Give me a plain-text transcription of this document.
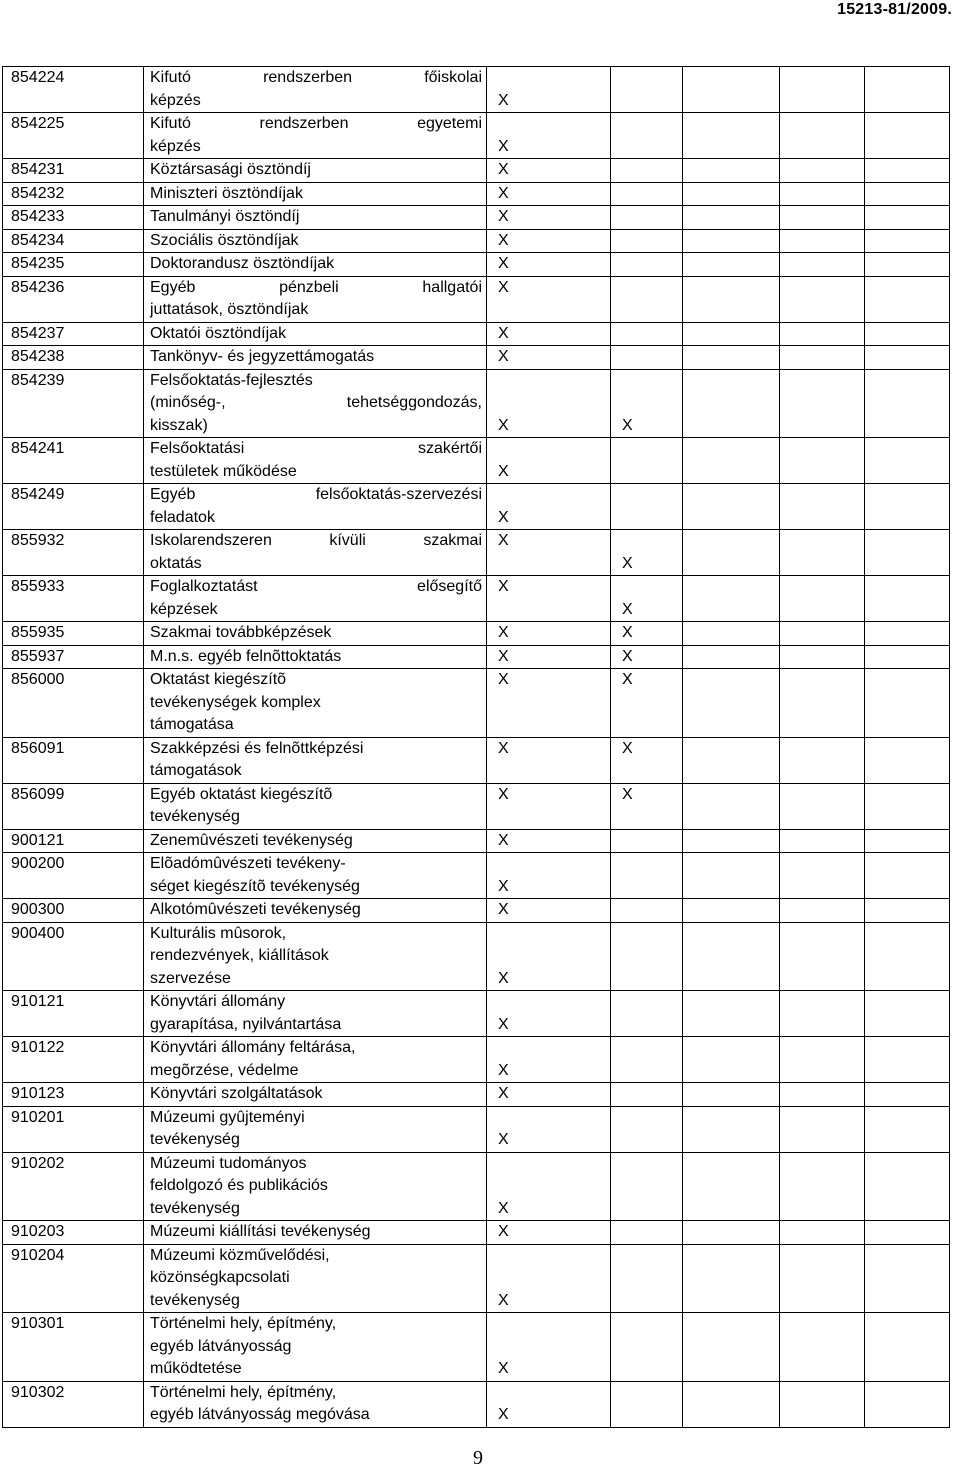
15213-81/2009.
854224	Kifutó rendszerben főiskolai
képzés	X				

854225	Kifutó rendszerben egyetemi
képzés	X				

854231	Köztársasági ösztöndíj	X				

854232	Miniszteri ösztöndíjak	X				

854233	Tanulmányi ösztöndíj	X				

854234	Szociális ösztöndíjak	X				

854235	Doktorandusz ösztöndíjak	X				

854236	Egyéb pénzbeli hallgatói
juttatások, ösztöndíjak	X				

854237	Oktatói ösztöndíjak	X				

854238	Tankönyv- és jegyzettámogatás	X				

854239	Felsőoktatás-fejlesztés
(minőség-, tehetséggondozás,
kisszak)	X	X			

854241	Felsőoktatási szakértői
testületek működése	X				

854249	Egyéb felsőoktatás-szervezési
feladatok	X				

855932	Iskolarendszeren kívüli szakmai
oktatás	X	X			

855933	Foglalkoztatást elősegítő
képzések	X	X			

855935	Szakmai továbbképzések	X	X			

855937	M.n.s. egyéb felnõttoktatás	X	X			

856000	Oktatást kiegészítõ
tevékenységek komplex
támogatása	X	X			

856091	Szakképzési és felnõttképzési
támogatások	X	X			

856099	Egyéb oktatást kiegészítõ
tevékenység	X	X			

900121	Zenemûvészeti tevékenység	X				

900200	Elõadómûvészeti tevékeny-
séget kiegészítõ tevékenység	X				

900300	Alkotómûvészeti tevékenység	X				

900400	Kulturális mûsorok,
rendezvények, kiállítások
szervezése	X				

910121	Könyvtári állomány
gyarapítása, nyilvántartása	X				

910122	Könyvtári állomány feltárása,
megõrzése, védelme	X				

910123	Könyvtári szolgáltatások	X				

910201	Múzeumi gyûjteményi
tevékenység	X				

910202	Múzeumi tudományos
feldolgozó és publikációs
tevékenység	X				

910203	Múzeumi kiállítási tevékenység	X				

910204	Múzeumi közművelődési,
közönségkapcsolati
tevékenység	X				

910301	Történelmi hely, építmény,
egyéb látványosság
működtetése	X				

910302	Történelmi hely, építmény,
egyéb látványosság megóvása	X				

9
